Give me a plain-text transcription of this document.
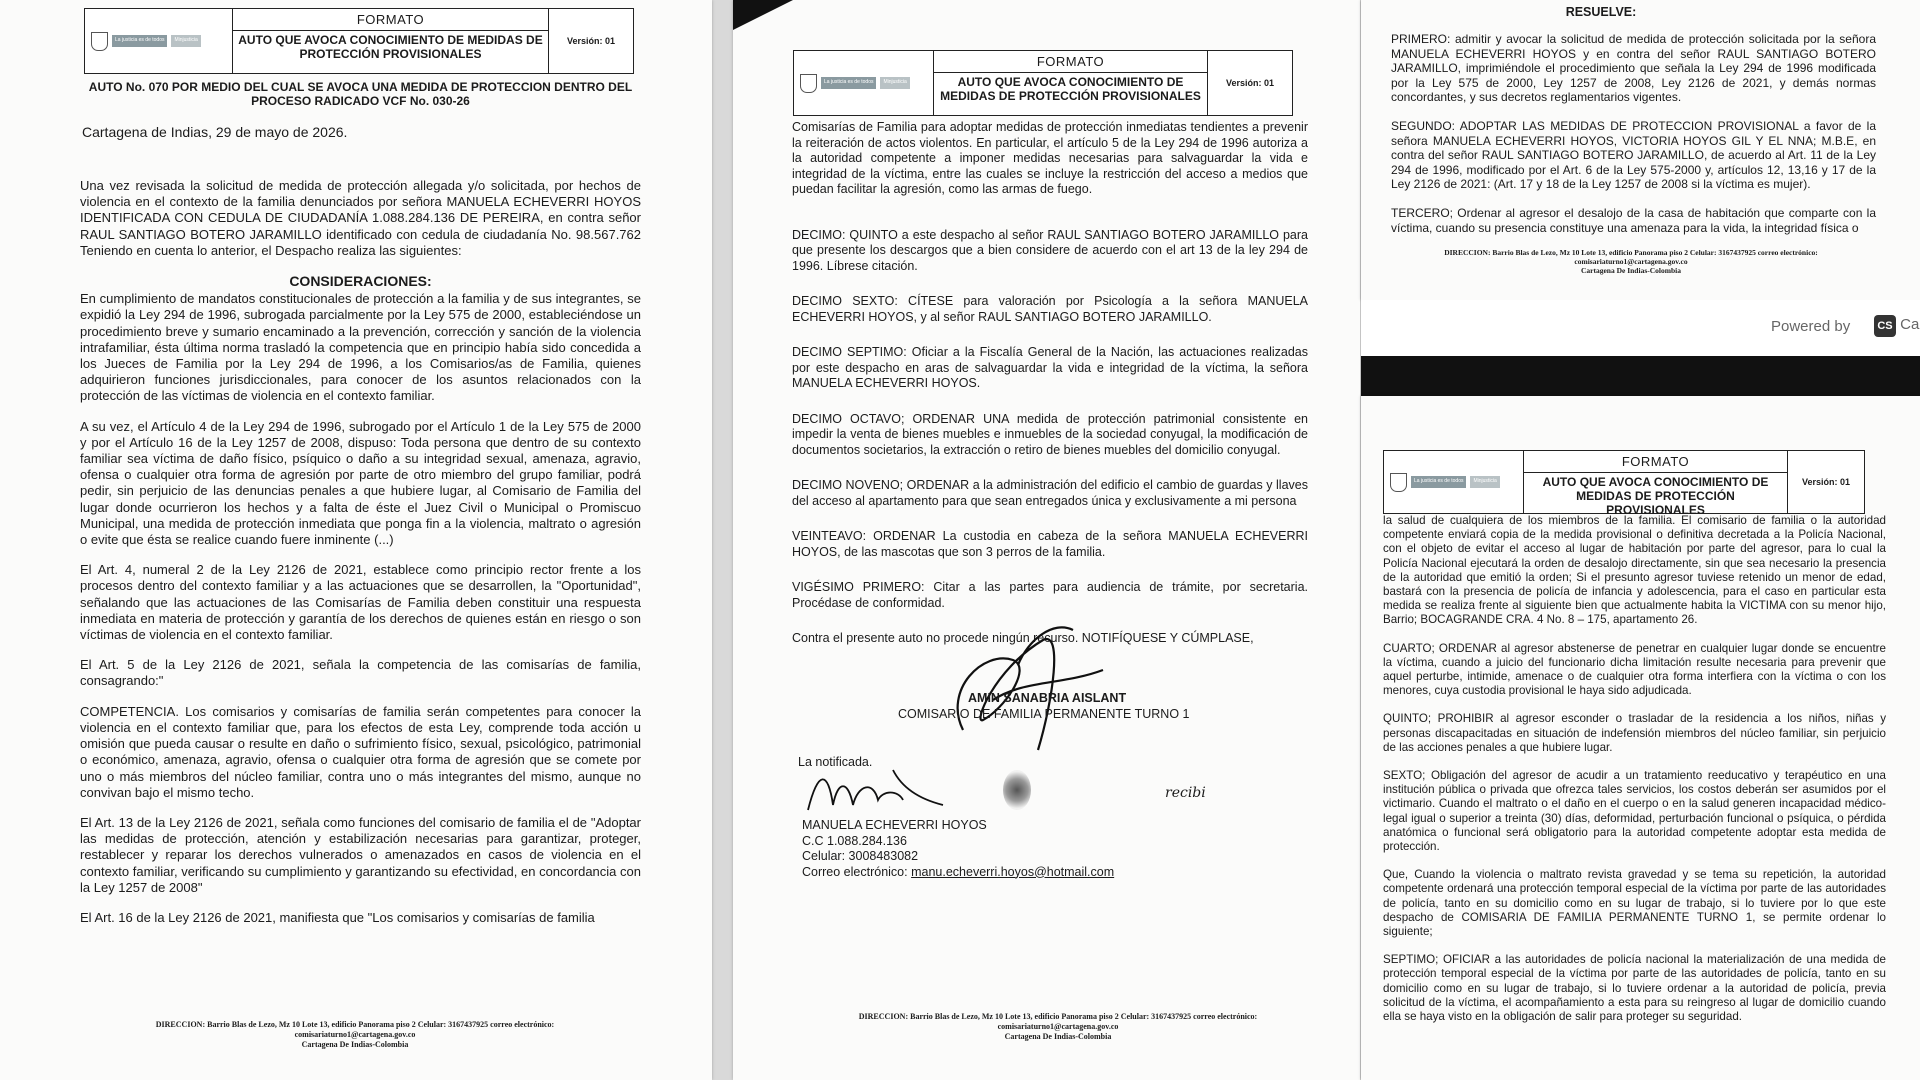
La justicia es de todos	Minjusticia
FORMATO
AUTO QUE AVOCA CONOCIMIENTO DE MEDIDAS DE PROTECCIÓN PROVISIONALES
Versión: 01
AUTO No. 070 POR MEDIO DEL CUAL SE AVOCA UNA MEDIDA DE PROTECCION DENTRO DEL PROCESO RADICADO VCF No. 030-26
Cartagena de Indias, 29 de mayo de 2026.

Una vez revisada la solicitud de medida de protección allegada y/o solicitada, por hechos de violencia en el contexto de la familia denunciados por señora MANUELA ECHEVERRI HOYOS IDENTIFICADA CON CEDULA DE CIUDADANÍA 1.088.284.136 DE PEREIRA, en contra señor RAUL SANTIAGO BOTERO JARAMILLO identificado con cedula de ciudadanía No. 98.567.762 Teniendo en cuenta lo anterior, el Despacho realiza las siguientes:

CONSIDERACIONES:

En cumplimiento de mandatos constitucionales de protección a la familia y de sus integrantes, se expidió la Ley 294 de 1996, subrogada parcialmente por la Ley 575 de 2000, estableciéndose un procedimiento breve y sumario encaminado a la prevención, corrección y sanción de la violencia intrafamiliar, ésta última norma trasladó la competencia que en principio había sido concedida a los Jueces de Familia por la Ley 294 de 1996, a los Comisarios/as de Familia, quienes adquirieron funciones jurisdiccionales, para conocer de los asuntos relacionados con la protección de las víctimas de violencia en el contexto familiar.

A su vez, el Artículo 4 de la Ley 294 de 1996, subrogado por el Artículo 1 de la Ley 575 de 2000 y por el Artículo 16 de la Ley 1257 de 2008, dispuso: Toda persona que dentro de su contexto familiar sea víctima de daño físico, psíquico o daño a su integridad sexual, amenaza, agravio, ofensa o cualquier otra forma de agresión por parte de otro miembro del grupo familiar, podrá pedir, sin perjuicio de las denuncias penales a que hubiere lugar, al Comisario de Familia del lugar donde ocurrieron los hechos y a falta de éste el Juez Civil o Municipal o Promiscuo Municipal, una medida de protección inmediata que ponga fin a la violencia, maltrato o agresión o evite que ésta se realice cuando fuere inminente (...)

El Art. 4, numeral 2 de la Ley 2126 de 2021, establece como principio rector frente a los procesos dentro del contexto familiar y a las actuaciones que se desarrollen, la "Oportunidad", señalando que las actuaciones de las Comisarías de Familia deben constituir una respuesta inmediata en materia de protección y garantía de los derechos de quienes están en riesgo o son víctimas de violencia en el contexto familiar.

El Art. 5 de la Ley 2126 de 2021, señala la competencia de las comisarías de familia, consagrando:"

COMPETENCIA. Los comisarios y comisarías de familia serán competentes para conocer la violencia en el contexto familiar que, para los efectos de esta Ley, comprende toda acción u omisión que pueda causar o resulte en daño o sufrimiento físico, sexual, psicológico, patrimonial o económico, amenaza, agravio, ofensa o cualquier otra forma de agresión que se comete por uno o más miembros del núcleo familiar, contra uno o más integrantes del mismo, aunque no convivan bajo el mismo techo.

El Art. 13 de la Ley 2126 de 2021, señala como funciones del comisario de familia el de "Adoptar las medidas de protección, atención y estabilización necesarias para garantizar, proteger, restablecer y reparar los derechos vulnerados o amenazados en casos de violencia en el contexto familiar, verificando su cumplimiento y garantizando su efectividad, en concordancia con la Ley 1257 de 2008"

El Art. 16 de la Ley 2126 de 2021, manifiesta que "Los comisarios y comisarías de familia

DIRECCION: Barrio Blas de Lezo, Mz 10 Lote 13, edificio Panorama piso 2 Celular: 3167437925 correo electrónico:
comisariaturno1@cartagena.gov.co
Cartagena De Indias-Colombia
La justicia es de todos	Minjusticia
FORMATO
AUTO QUE AVOCA CONOCIMIENTO DE MEDIDAS DE PROTECCIÓN PROVISIONALES
Versión: 01

Comisarías de Familia para adoptar medidas de protección inmediatas tendientes a prevenir la reiteración de actos violentos. En particular, el artículo 5 de la Ley 294 de 1996 autoriza a la autoridad competente a imponer medidas necesarias para salvaguardar la vida e integridad de la víctima, entre las cuales se incluye la restricción del acceso a medios que puedan facilitar la agresión, como las armas de fuego.

DECIMO: QUINTO a este despacho al señor RAUL SANTIAGO BOTERO JARAMILLO para que presente los descargos que a bien considere de acuerdo con el art 13 de la ley 294 de 1996. Líbrese citación.

DECIMO SEXTO: CÍTESE para valoración por Psicología a la señora MANUELA ECHEVERRI HOYOS, y al señor RAUL SANTIAGO BOTERO JARAMILLO.

DECIMO SEPTIMO: Oficiar a la Fiscalía General de la Nación, las actuaciones realizadas por este despacho en aras de salvaguardar la vida e integridad de la víctima, la señora MANUELA ECHEVERRI HOYOS.

DECIMO OCTAVO; ORDENAR UNA medida de protección patrimonial consistente en impedir la venta de bienes muebles e inmuebles de la sociedad conyugal, la modificación de documentos societarios, la extracción o retiro de bienes muebles del domicilio conyugal.

DECIMO NOVENO; ORDENAR a la administración del edificio el cambio de guardas y llaves del acceso al apartamento para que sean entregados única y exclusivamente a mi persona

VEINTEAVO: ORDENAR La custodia en cabeza de la señora MANUELA ECHEVERRI HOYOS, de las mascotas que son 3 perros de la familia.

VIGÉSIMO PRIMERO: Citar a las partes para audiencia de trámite, por secretaria. Procédase de conformidad.

Contra el presente auto no procede ningún recurso. NOTIFÍQUESE Y CÚMPLASE,

AMIN SANABRIA AISLANT
COMISARIO DE FAMILIA PERMANENTE TURNO 1
La notificada.
recibi
MANUELA ECHEVERRI HOYOS
C.C 1.088.284.136
Celular: 3008483082
Correo electrónico: manu.echeverri.hoyos@hotmail.com
DIRECCION: Barrio Blas de Lezo, Mz 10 Lote 13, edificio Panorama piso 2 Celular: 3167437925 correo electrónico:
comisariaturno1@cartagena.gov.co
Cartagena De Indias-Colombia
RESUELVE:

PRIMERO: admitir y avocar la solicitud de medida de protección solicitada por la señora MANUELA ECHEVERRI HOYOS y en contra del señor RAUL SANTIAGO BOTERO JARAMILLO, imprimiéndole el procedimiento que señala la Ley 294 de 1996 modificada por la Ley 575 de 2000, Ley 1257 de 2008, Ley 2126 de 2021, y demás normas concordantes, y sus decretos reglamentarios vigentes.

SEGUNDO: ADOPTAR LAS MEDIDAS DE PROTECCION PROVISIONAL a favor de la señora MANUELA ECHEVERRI HOYOS, VICTORIA HOYOS GIL Y EL NNA; M.B.E, en contra del señor RAUL SANTIAGO BOTERO JARAMILLO, de acuerdo al Art. 11 de la Ley 294 de 1996, modificado por el Art. 6 de la Ley 575-2000 y, artículos 12, 13,16 y 17 de la Ley 2126 de 2021: (Art. 17 y 18 de la Ley 1257 de 2008 si la víctima es mujer).

TERCERO; Ordenar al agresor el desalojo de la casa de habitación que comparte con la víctima, cuando su presencia constituye una amenaza para la vida, la integridad física o

DIRECCION: Barrio Blas de Lezo, Mz 10 Lote 13, edificio Panorama piso 2 Celular: 3167437925 correo electrónico:
comisariaturno1@cartagena.gov.co
Cartagena De Indias-Colombia
Powered by	CS Ca
La justicia es de todos	Minjusticia
FORMATO
AUTO QUE AVOCA CONOCIMIENTO DE MEDIDAS DE PROTECCIÓN PROVISIONALES
Versión: 01

la salud de cualquiera de los miembros de la familia. El comisario de familia o la autoridad competente enviará copia de la medida provisional o definitiva decretada a la Policía Nacional, con el objeto de evitar el acceso al lugar de habitación por parte del agresor, para lo cual la Policía Nacional ejecutará la orden de desalojo directamente, sin que sea necesario la presencia de la autoridad que emitió la orden; Si el presunto agresor tuviese retenido un menor de edad, bastará con la presencia de policía de infancia y adolescencia, para el caso en particular esta medida se realiza frente al siguiente bien que actualmente habita la VICTIMA con su menor hijo, Barrio; BOCAGRANDE CRA. 4 No. 8 – 175, apartamento 26.

CUARTO; ORDENAR al agresor abstenerse de penetrar en cualquier lugar donde se encuentre la víctima, cuando a juicio del funcionario dicha limitación resulte necesaria para prevenir que aquel perturbe, intimide, amenace o de cualquier otra forma interfiera con la víctima o con los menores, cuya custodia provisional le haya sido adjudicada.

QUINTO; PROHIBIR al agresor esconder o trasladar de la residencia a los niños, niñas y personas discapacitadas en situación de indefensión miembros del núcleo familiar, sin perjuicio de las acciones penales a que hubiere lugar.

SEXTO; Obligación del agresor de acudir a un tratamiento reeducativo y terapéutico en una institución pública o privada que ofrezca tales servicios, los costos deberán ser asumidos por el victimario. Cuando el maltrato o el daño en el cuerpo o en la salud generen incapacidad médico- legal igual o superior a treinta (30) días, deformidad, perturbación funcional o psíquica, o pérdida anatómica o funcional será obligatorio para la autoridad competente adoptar esta medida de protección.

Que, Cuando la violencia o maltrato revista gravedad y se tema su repetición, la autoridad competente ordenará una protección temporal especial de la víctima por parte de las autoridades de policía, tanto en su domicilio como en su lugar de trabajo, si lo tuviere por lo que este despacho de COMISARIA DE FAMILIA PERMANENTE TURNO 1, se permite ordenar lo siguiente;

SEPTIMO; OFICIAR a las autoridades de policía nacional la materialización de una medida de protección temporal especial de la víctima por parte de las autoridades de policía, tanto en su domicilio como en su lugar de trabajo, si lo tuviere ordenar a la autoridad de policía, previa solicitud de la víctima, el acompañamiento a esta para su reingreso al lugar de domicilio cuando ella se haya visto en la obligación de salir para proteger su seguridad.
